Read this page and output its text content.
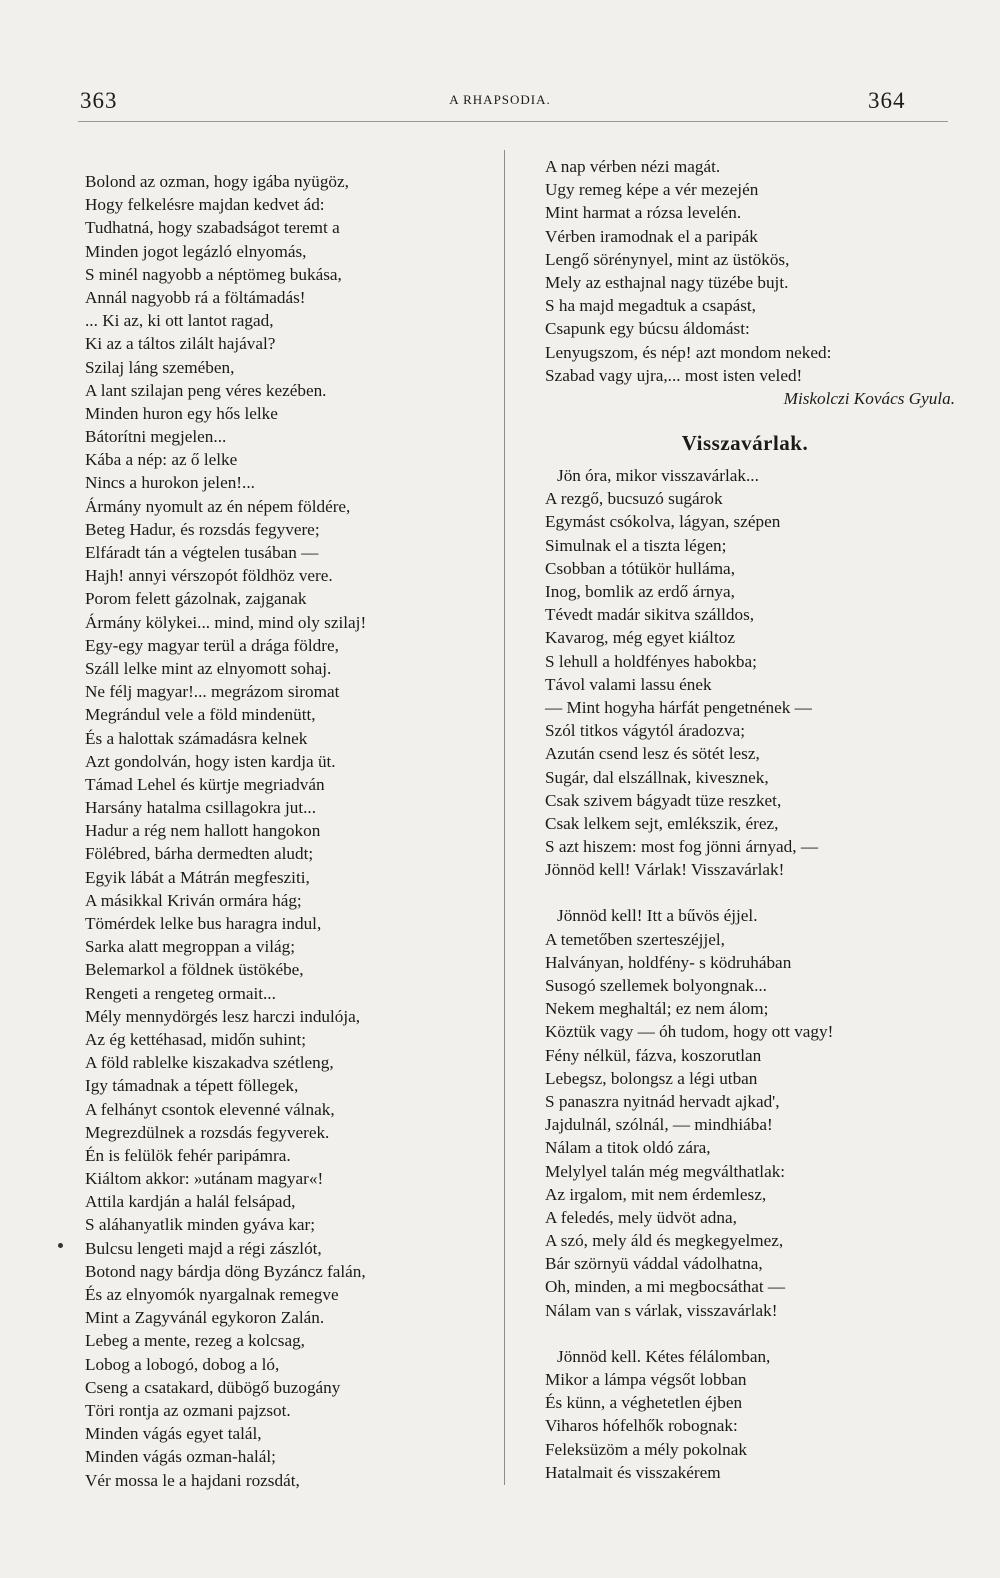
363	A RHAPSODIA.	364
Bolond az ozman, hogy igába nyügöz,
Hogy felkelésre majdan kedvet ád:
Tudhatná, hogy szabadságot teremt a
Minden jogot legázló elnyomás,
S minél nagyobb a néptömeg bukása,
Annál nagyobb rá a föltámadás!
... Ki az, ki ott lantot ragad,
Ki az a táltos zilált hajával?
Szilaj láng szemében,
A lant szilajan peng véres kezében.
Minden huron egy hős lelke
Bátorítni megjelen...
Kába a nép: az ő lelke
Nincs a hurokon jelen!...
Ármány nyomult az én népem földére,
Beteg Hadur, és rozsdás fegyvere;
Elfáradt tán a végtelen tusában —
Hajh! annyi vérszopót földhöz vere.
Porom felett gázolnak, zajganak
Ármány kölykei... mind, mind oly szilaj!
Egy-egy magyar terül a drága földre,
Száll lelke mint az elnyomott sohaj.
Ne félj magyar!... megrázom siromat
Megrándul vele a föld mindenütt,
És a halottak számadásra kelnek
Azt gondolván, hogy isten kardja üt.
Támad Lehel és kürtje megriadván
Harsány hatalma csillagokra jut...
Hadur a rég nem hallott hangokon
Fölébred, bárha dermedten aludt;
Egyik lábát a Mátrán megfesziti,
A másikkal Kriván ormára hág;
Tömérdek lelke bus haragra indul,
Sarka alatt megroppan a világ;
Belemarkol a földnek üstökébe,
Rengeti a rengeteg ormait...
Mély mennydörgés lesz harczi indulója,
Az ég kettéhasad, midőn suhint;
A föld rablelke kiszakadva szétleng,
Igy támadnak a tépett föllegek,
A felhányt csontok elevenné válnak,
Megrezdülnek a rozsdás fegyverek.
Én is felülök fehér paripámra.
Kiáltom akkor: »utánam magyar«!
Attila kardján a halál felsápad,
S aláhanyatlik minden gyáva kar;
Bulcsu lengeti majd a régi zászlót,
Botond nagy bárdja döng Byzáncz falán,
És az elnyomók nyargalnak remegve
Mint a Zagyvánál egykoron Zalán.
Lebeg a mente, rezeg a kolcsag,
Lobog a lobogó, dobog a ló,
Cseng a csatakard, dübögő buzogány
Töri rontja az ozmani pajzsot.
Minden vágás egyet talál,
Minden vágás ozman-halál;
Vér mossa le a hajdani rozsdát,
A nap vérben nézi magát.
Ugy remeg képe a vér mezején
Mint harmat a rózsa levelén.
Vérben iramodnak el a paripák
Lengő sörénynyel, mint az üstökös,
Mely az esthajnal nagy tüzébe bujt.
S ha majd megadtuk a csapást,
Csapunk egy búcsu áldomást:
Lenyugszom, és nép! azt mondom neked:
Szabad vagy ujra,... most isten veled!
Miskolczi Kovács Gyula.
Visszavárlak.
Jön óra, mikor visszavárlak...
A rezgő, bucsuzó sugárok
Egymást csókolva, lágyan, szépen
Simulnak el a tiszta légen;
Csobban a tótükör hulláma,
Inog, bomlik az erdő árnya,
Tévedt madár sikitva szálldos,
Kavarog, még egyet kiáltoz
S lehull a holdfényes habokba;
Távol valami lassu ének
— Mint hogyha hárfát pengetnének —
Szól titkos vágytól áradozva;
Azután csend lesz és sötét lesz,
Sugár, dal elszállnak, kivesznek,
Csak szivem bágyadt tüze reszket,
Csak lelkem sejt, emlékszik, érez,
S azt hiszem: most fog jönni árnyad, —
Jönnöd kell! Várlak! Visszavárlak!
Jönnöd kell! Itt a bűvös éjjel.
A temetőben szerteszéjjel,
Halványan, holdfény- s ködruhában
Susogó szellemek bolyongnak...
Nekem meghaltál; ez nem álom;
Köztük vagy — óh tudom, hogy ott vagy!
Fény nélkül, fázva, koszorutlan
Lebegsz, bolongsz a légi utban
S panaszra nyitnád hervadt ajkad',
Jajdulnál, szólnál, — mindhiába!
Nálam a titok oldó zára,
Melylyel talán még megválthatlak:
Az irgalom, mit nem érdemlesz,
A feledés, mely üdvöt adna,
A szó, mely áld és megkegyelmez,
Bár szörnyü váddal vádolhatna,
Oh, minden, a mi megbocsáthat —
Nálam van s várlak, visszavárlak!
Jönnöd kell. Kétes félálomban,
Mikor a lámpa végsőt lobban
És künn, a véghetetlen éjben
Viharos hófelhők robognak:
Feleksüzöm a mély pokolnak
Hatalmait és visszakérem
